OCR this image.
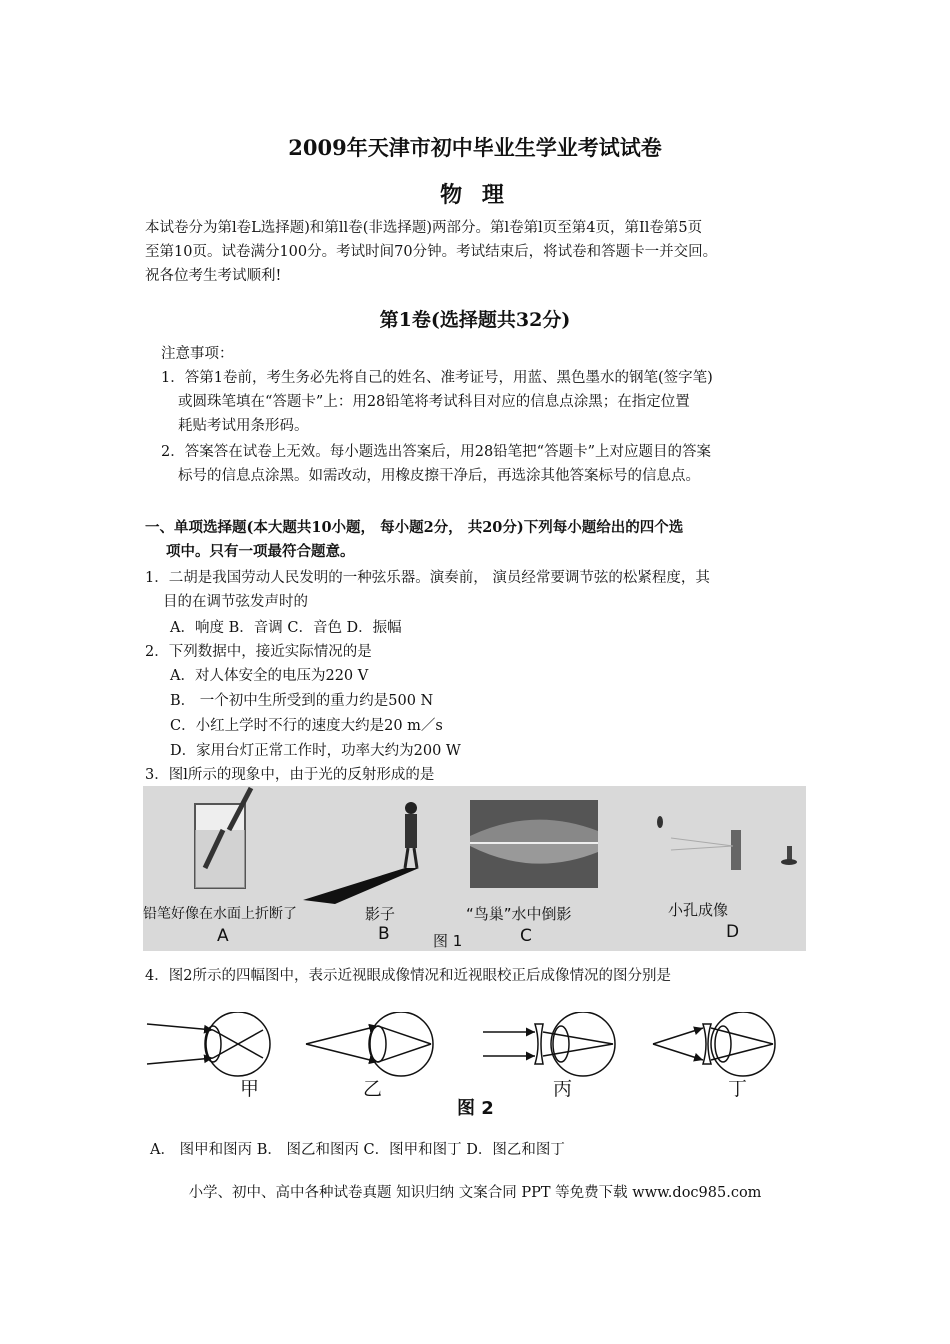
2009年天津市初中毕业生学业考试试卷
物 理
本试卷分为第l卷L选择题)和第ll卷(非选择题)两部分。第l卷第l页至第4页，第Il卷第5页
至第10页。试卷满分100分。考试时间70分钟。考试结束后，将试卷和答题卡一并交回。
祝各位考生考试顺利!
第1卷(选择题共32分)
注意事项：
1．答第1卷前，考生务必先将自己的姓名、准考证号，用蓝、黑色墨水的钢笔(签字笔)
或圆珠笔填在“答题卡”上：用28铅笔将考试科目对应的信息点涂黑；在指定位置
耗贴考试用条形码。
2．答案答在试卷上无效。每小题选出答案后，用28铅笔把“答题卡”上对应题目的答案
标号的信息点涂黑。如需改动，用橡皮擦干净后，再选涂其他答案标号的信息点。
一、单项选择题(本大题共10小题， 每小题2分， 共20分)下列每小题给出的四个选
项中。只有一项最符合题意。
1．二胡是我国劳动人民发明的一种弦乐器。演奏前， 演员经常要调节弦的松紧程度，其
目的在调节弦发声时的
A．响度 B．音调 C．音色 D．振幅
2．下列数据中，接近实际情况的是
A．对人体安全的电压为220 V
B． 一个初中生所受到的重力约是500 N
C．小红上学时不行的速度大约是20 m／s
D．家用台灯正常工作时，功率大约为200 W
3．图l所示的现象中，由于光的反射形成的是
铅笔好像在水面上折断了	影子	“鸟巢”水中倒影	小孔成像
A	B	C	D
图 1
4．图2所示的四幅图中，表示近视眼成像情况和近视眼校正后成像情况的图分别是
甲	乙	丙	丁
图 2
A． 图甲和图丙 B． 图乙和图丙 C．图甲和图丁 D．图乙和图丁
小学、初中、高中各种试卷真题 知识归纳 文案合同 PPT 等免费下载 www.doc985.com
